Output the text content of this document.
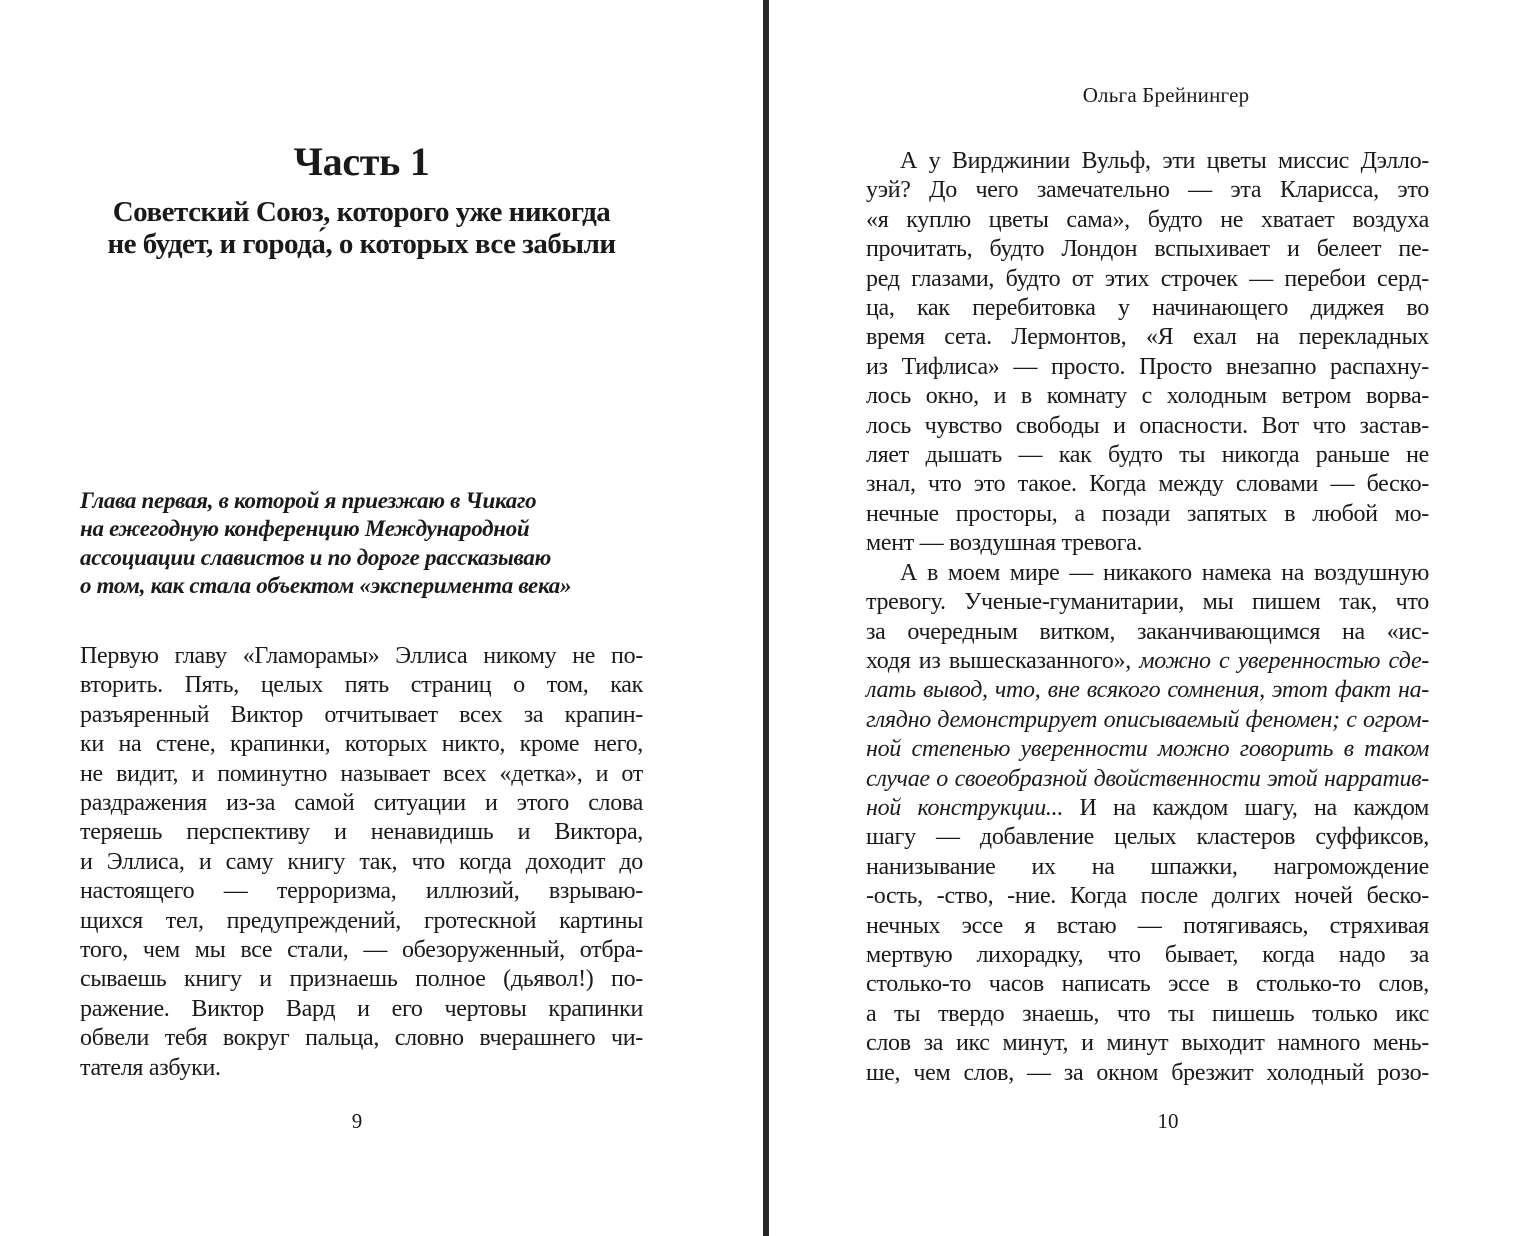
Часть 1
Советский Союз, которого уже никогда
не будет, и города́, о которых все забыли
Глава первая, в которой я приезжаю в Чикаго
на ежегодную конференцию Международной
ассоциации славистов и по дороге рассказываю
о том, как стала объектом «эксперимента века»
Первую главу «Гламорамы» Эллиса никому не по-
вторить. Пять, целых пять страниц о том, как
разъяренный Виктор отчитывает всех за крапин-
ки на стене, крапинки, которых никто, кроме него,
не видит, и поминутно называет всех «детка», и от
раздражения из-за самой ситуации и этого слова
теряешь перспективу и ненавидишь и Виктора,
и Эллиса, и саму книгу так, что когда доходит до
настоящего — терроризма, иллюзий, взрываю-
щихся тел, предупреждений, гротескной картины
того, чем мы все стали, — обезоруженный, отбра-
сываешь книгу и признаешь полное (дьявол!) по-
ражение. Виктор Вард и его чертовы крапинки
обвели тебя вокруг пальца, словно вчерашнего чи-
тателя азбуки.
9
Ольга Брейнингер
А у Вирджинии Вульф, эти цветы миссис Дэлло-
уэй? До чего замечательно — эта Кларисса, это
«я куплю цветы сама», будто не хватает воздуха
прочитать, будто Лондон вспыхивает и белеет пе-
ред глазами, будто от этих строчек — перебои серд-
ца, как перебитовка у начинающего диджея во
время сета. Лермонтов, «Я ехал на перекладных
из Тифлиса» — просто. Просто внезапно распахну-
лось окно, и в комнату с холодным ветром ворва-
лось чувство свободы и опасности. Вот что застав-
ляет дышать — как будто ты никогда раньше не
знал, что это такое. Когда между словами — беско-
нечные просторы, а позади запятых в любой мо-
мент — воздушная тревога.
А в моем мире — никакого намека на воздушную
тревогу. Ученые-гуманитарии, мы пишем так, что
за очередным витком, заканчивающимся на «ис-
ходя из вышесказанного», можно с уверенностью сде-
лать вывод, что, вне всякого сомнения, этот факт на-
глядно демонстрирует описываемый феномен; с огром-
ной степенью уверенности можно говорить в таком
случае о своеобразной двойственности этой нарратив-
ной конструкции... И на каждом шагу, на каждом
шагу — добавление целых кластеров суффиксов,
нанизывание их на шпажки, нагромождение
-ость, -ство, -ние. Когда после долгих ночей беско-
нечных эссе я встаю — потягиваясь, стряхивая
мертвую лихорадку, что бывает, когда надо за
столько-то часов написать эссе в столько-то слов,
а ты твердо знаешь, что ты пишешь только икс
слов за икс минут, и минут выходит намного мень-
ше, чем слов, — за окном брезжит холодный розо-
10
